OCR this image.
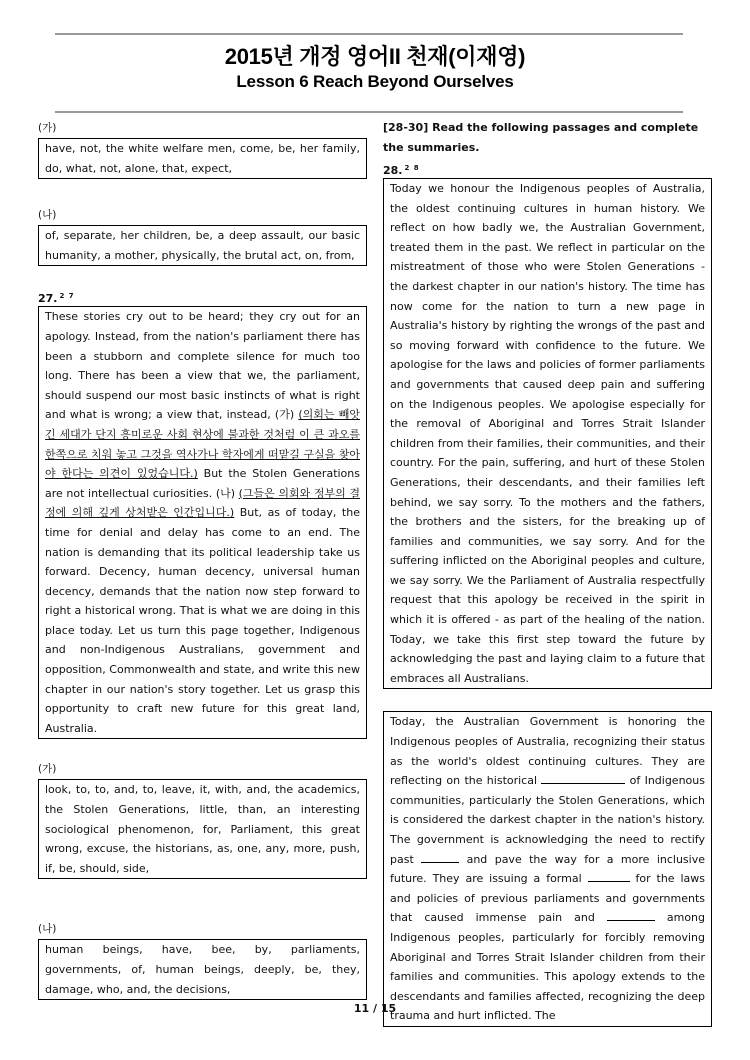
2015년 개정 영어II 천재(이재영)
Lesson 6 Reach Beyond Ourselves
(가)
have, not, the white welfare men, come, be, her family, do, what, not, alone, that, expect,
(나)
of, separate, her children, be, a deep assault, our basic humanity, a mother, physically, the brutal act, on, from,
27. $^{2 7}$
These stories cry out to be heard; they cry out for an apology. Instead, from the nation's parliament there has been a stubborn and complete silence for much too long. There has been a view that we, the parliament, should suspend our most basic instincts of what is right and what is wrong; a view that, instead, (가) (의회는 빼앗긴 세대가 단지 흥미로운 사회 현상에 불과한 것처럼 이 큰 과오를 한쪽으로 치워 놓고 그것을 역사가나 학자에게 떠맡길 구실을 찾아야 한다는 의견이 있었습니다.) But the Stolen Generations are not intellectual curiosities. (나) (그들은 의회와 정부의 결정에 의해 깊게 상처받은 인간입니다.) But, as of today, the time for denial and delay has come to an end. The nation is demanding that its political leadership take us forward. Decency, human decency, universal human decency, demands that the nation now step forward to right a historical wrong. That is what we are doing in this place today. Let us turn this page together, Indigenous and non-Indigenous Australians, government and opposition, Commonwealth and state, and write this new chapter in our nation's story together. Let us grasp this opportunity to craft new future for this great land, Australia.
(가)
look, to, to, and, to, leave, it, with, and, the academics, the Stolen Generations, little, than, an interesting sociological phenomenon, for, Parliament, this great wrong, excuse, the historians, as, one, any, more, push, if, be, should, side,
(나)
human beings, have, bee, by, parliaments, governments, of, human beings, deeply, be, they, damage, who, and, the decisions,
[28-30] Read the following passages and complete the summaries.
28. $^{2 8}$
Today we honour the Indigenous peoples of Australia, the oldest continuing cultures in human history. We reflect on how badly we, the Australian Government, treated them in the past. We reflect in particular on the mistreatment of those who were Stolen Generations - the darkest chapter in our nation's history. The time has now come for the nation to turn a new page in Australia's history by righting the wrongs of the past and so moving forward with confidence to the future. We apologise for the laws and policies of former parliaments and governments that caused deep pain and suffering on the Indigenous peoples. We apologise especially for the removal of Aboriginal and Torres Strait Islander children from their families, their communities, and their country. For the pain, suffering, and hurt of these Stolen Generations, their descendants, and their families left behind, we say sorry. To the mothers and the fathers, the brothers and the sisters, for the breaking up of families and communities, we say sorry. And for the suffering inflicted on the Aboriginal peoples and culture, we say sorry. We the Parliament of Australia respectfully request that this apology be received in the spirit in which it is offered - as part of the healing of the nation. Today, we take this first step toward the future by acknowledging the past and laying claim to a future that embraces all Australians.
Today, the Australian Government is honoring the Indigenous peoples of Australia, recognizing their status as the world's oldest continuing cultures. They are reflecting on the historical	of Indigenous communities, particularly the Stolen Generations, which is considered the darkest chapter in the nation's history. The government is acknowledging the need to rectify past	and pave the way for a more inclusive future. They are issuing a formal	for the laws and policies of previous parliaments and governments that caused immense pain and	among Indigenous peoples, particularly for forcibly removing Aboriginal and Torres Strait Islander children from their families and communities. This apology extends to the descendants and families affected, recognizing the deep trauma and hurt inflicted. The
11 / 15
